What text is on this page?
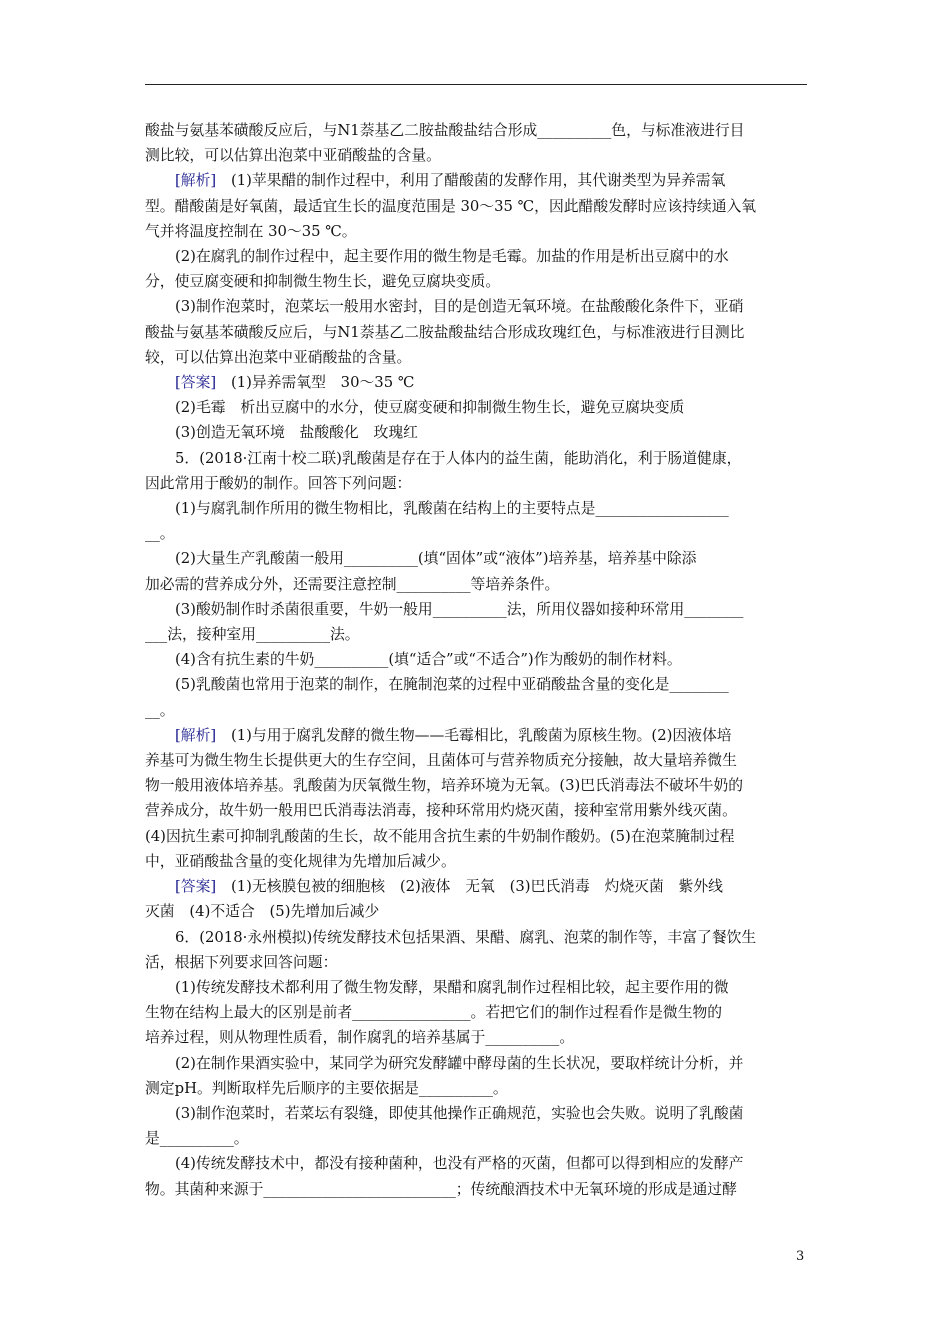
酸盐与氨基苯磺酸反应后，与N1萘基乙二胺盐酸盐结合形成__________色，与标准液进行目

测比较，可以估算出泡菜中亚硝酸盐的含量。

[解析]　(1)苹果醋的制作过程中，利用了醋酸菌的发酵作用，其代谢类型为异养需氧

型。醋酸菌是好氧菌，最适宜生长的温度范围是 30～35 ℃，因此醋酸发酵时应该持续通入氧

气并将温度控制在 30～35 ℃。

(2)在腐乳的制作过程中，起主要作用的微生物是毛霉。加盐的作用是析出豆腐中的水

分，使豆腐变硬和抑制微生物生长，避免豆腐块变质。

(3)制作泡菜时，泡菜坛一般用水密封，目的是创造无氧环境。在盐酸酸化条件下，亚硝

酸盐与氨基苯磺酸反应后，与N1萘基乙二胺盐酸盐结合形成玫瑰红色，与标准液进行目测比

较，可以估算出泡菜中亚硝酸盐的含量。

[答案]　(1)异养需氧型　30～35 ℃

(2)毛霉　析出豆腐中的水分，使豆腐变硬和抑制微生物生长，避免豆腐块变质

(3)创造无氧环境　盐酸酸化　玫瑰红

5．(2018·江南十校二联)乳酸菌是存在于人体内的益生菌，能助消化，利于肠道健康，

因此常用于酸奶的制作。回答下列问题：

(1)与腐乳制作所用的微生物相比，乳酸菌在结构上的主要特点是__________________

__。

(2)大量生产乳酸菌一般用__________(填“固体”或“液体”)培养基，培养基中除添

加必需的营养成分外，还需要注意控制__________等培养条件。

(3)酸奶制作时杀菌很重要，牛奶一般用__________法，所用仪器如接种环常用________

___法，接种室用__________法。

(4)含有抗生素的牛奶__________(填“适合”或“不适合”)作为酸奶的制作材料。

(5)乳酸菌也常用于泡菜的制作，在腌制泡菜的过程中亚硝酸盐含量的变化是________

__。

[解析]　(1)与用于腐乳发酵的微生物——毛霉相比，乳酸菌为原核生物。(2)因液体培

养基可为微生物生长提供更大的生存空间，且菌体可与营养物质充分接触，故大量培养微生

物一般用液体培养基。乳酸菌为厌氧微生物，培养环境为无氧。(3)巴氏消毒法不破坏牛奶的

营养成分，故牛奶一般用巴氏消毒法消毒，接种环常用灼烧灭菌，接种室常用紫外线灭菌。

(4)因抗生素可抑制乳酸菌的生长，故不能用含抗生素的牛奶制作酸奶。(5)在泡菜腌制过程

中，亚硝酸盐含量的变化规律为先增加后减少。

[答案]　(1)无核膜包被的细胞核　(2)液体　无氧　(3)巴氏消毒　灼烧灭菌　紫外线

灭菌　(4)不适合　(5)先增加后减少

6．(2018·永州模拟)传统发酵技术包括果酒、果醋、腐乳、泡菜的制作等，丰富了餐饮生

活，根据下列要求回答问题：

(1)传统发酵技术都利用了微生物发酵，果醋和腐乳制作过程相比较，起主要作用的微

生物在结构上最大的区别是前者________________。若把它们的制作过程看作是微生物的

培养过程，则从物理性质看，制作腐乳的培养基属于__________。

(2)在制作果酒实验中，某同学为研究发酵罐中酵母菌的生长状况，要取样统计分析，并

测定pH。判断取样先后顺序的主要依据是__________。

(3)制作泡菜时，若菜坛有裂缝，即使其他操作正确规范，实验也会失败。说明了乳酸菌

是__________。

(4)传统发酵技术中，都没有接种菌种，也没有严格的灭菌，但都可以得到相应的发酵产

物。其菌种来源于__________________________；传统酿酒技术中无氧环境的形成是通过酵

3
